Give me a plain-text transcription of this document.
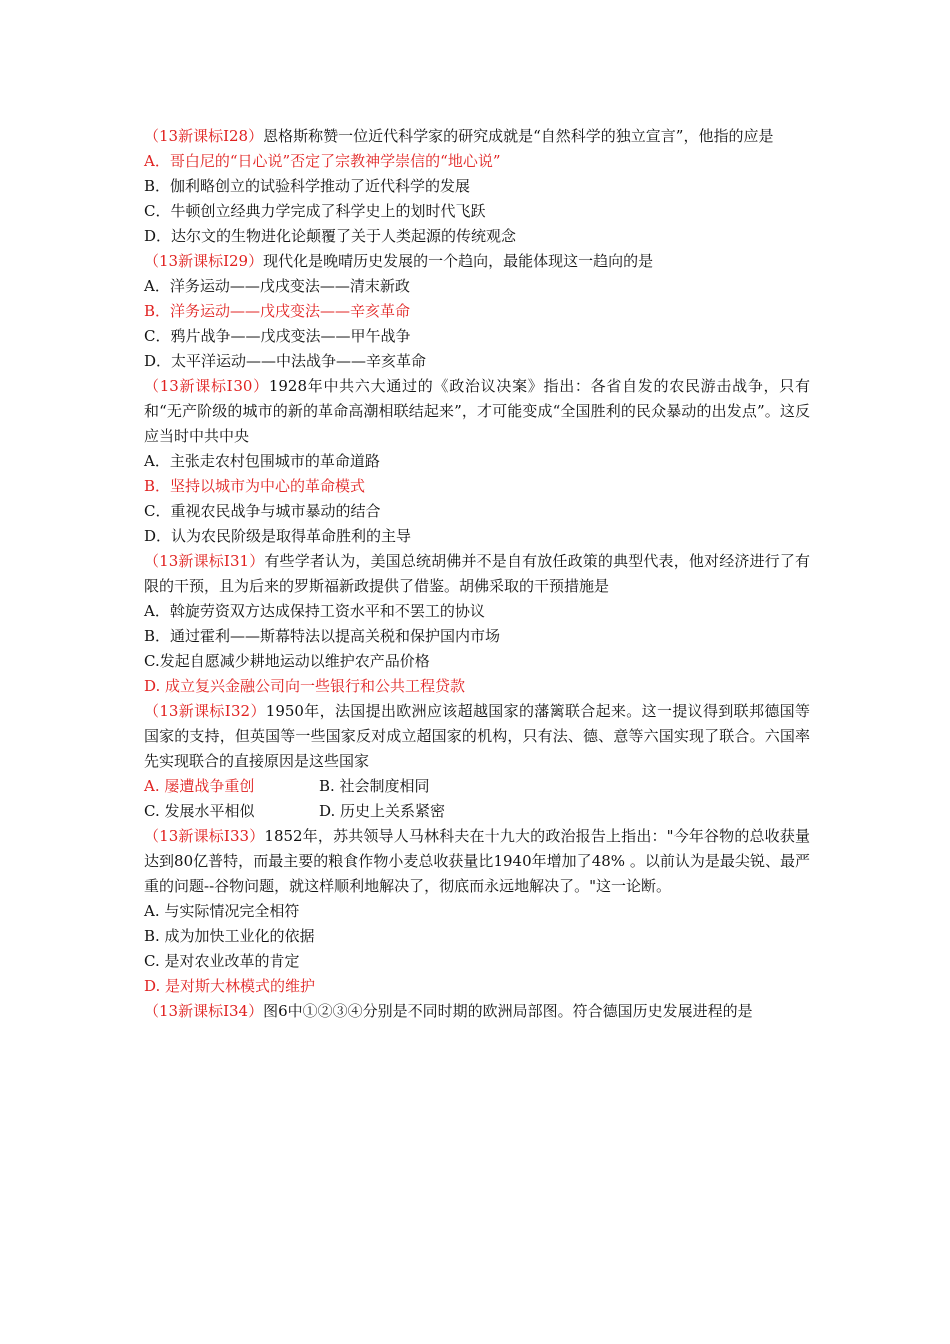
（13新课标Ⅰ28）恩格斯称赞一位近代科学家的研究成就是“自然科学的独立宣言”，他指的应是
A．哥白尼的“日心说”否定了宗教神学崇信的“地心说”
B．伽利略创立的试验科学推动了近代科学的发展
C．牛顿创立经典力学完成了科学史上的划时代飞跃
D．达尔文的生物进化论颠覆了关于人类起源的传统观念
（13新课标Ⅰ29）现代化是晚晴历史发展的一个趋向，最能体现这一趋向的是
A．洋务运动——戊戌变法——清末新政
B．洋务运动——戊戌变法——辛亥革命
C．鸦片战争——戊戌变法——甲午战争
D．太平洋运动——中法战争——辛亥革命
（13新课标Ⅰ30）1928年中共六大通过的《政治议决案》指出：各省自发的农民游击战争，只有和“无产阶级的城市的新的革命高潮相联结起来”，才可能变成“全国胜利的民众暴动的出发点”。这反应当时中共中央
A．主张走农村包围城市的革命道路
B．坚持以城市为中心的革命模式
C．重视农民战争与城市暴动的结合
D．认为农民阶级是取得革命胜利的主导
（13新课标Ⅰ31）有些学者认为，美国总统胡佛并不是自有放任政策的典型代表，他对经济进行了有限的干预，且为后来的罗斯福新政提供了借鉴。胡佛采取的干预措施是
A．斡旋劳资双方达成保持工资水平和不罢工的协议
B．通过霍利——斯幕特法以提高关税和保护国内市场
C.发起自愿减少耕地运动以维护农产品价格
D. 成立复兴金融公司向一些银行和公共工程贷款
（13新课标Ⅰ32）1950年，法国提出欧洲应该超越国家的藩篱联合起来。这一提议得到联邦德国等国家的支持，但英国等一些国家反对成立超国家的机构，只有法、德、意等六国实现了联合。六国率先实现联合的直接原因是这些国家
A. 屡遭战争重创	B. 社会制度相同
C. 发展水平相似	D. 历史上关系紧密
（13新课标Ⅰ33）1852年，苏共领导人马林科夫在十九大的政治报告上指出："今年谷物的总收获量达到80亿普特，而最主要的粮食作物小麦总收获量比1940年增加了48% 。以前认为是最尖锐、最严重的问题--谷物问题，就这样顺利地解决了，彻底而永远地解决了。"这一论断。
A. 与实际情况完全相符
B. 成为加快工业化的依据
C. 是对农业改革的肯定
D. 是对斯大林模式的维护
（13新课标Ⅰ34）图6中①②③④分别是不同时期的欧洲局部图。符合德国历史发展进程的是
